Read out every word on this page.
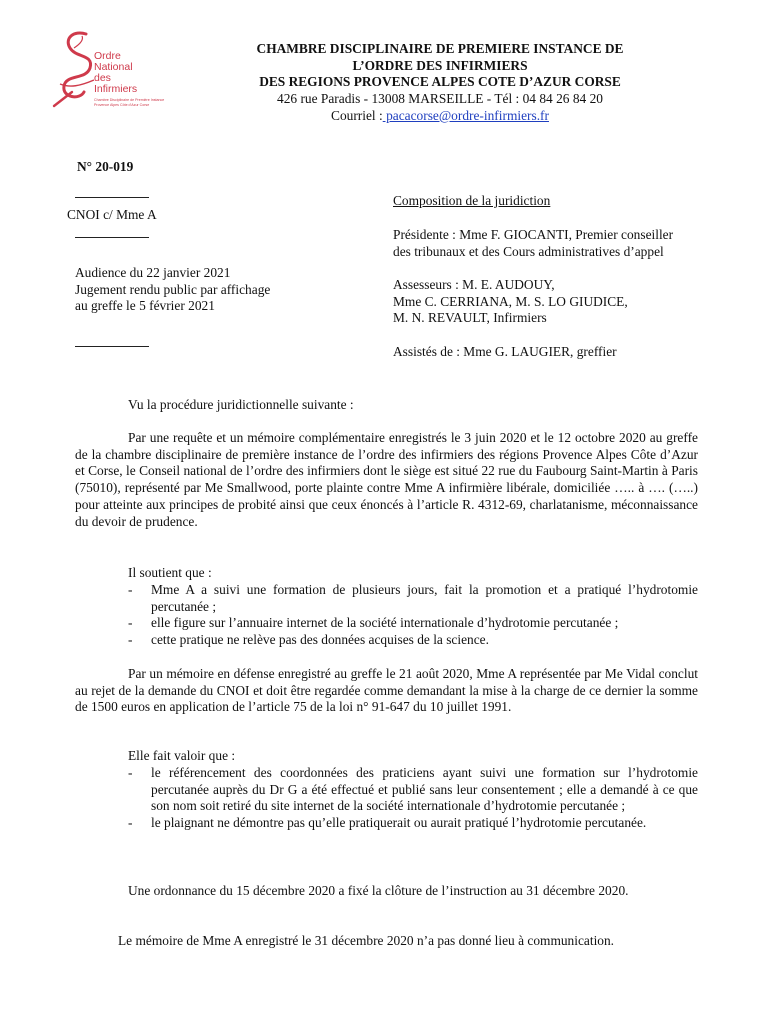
Ordre
National
des
Infirmiers
Chambre Disciplinaire de Première Instance
Provence Alpes Côte d'Azur Corse
CHAMBRE DISCIPLINAIRE DE PREMIERE INSTANCE DE
L’ORDRE DES INFIRMIERS
DES REGIONS PROVENCE ALPES COTE D’AZUR CORSE
426 rue Paradis - 13008 MARSEILLE - Tél : 04 84 26 84 20
Courriel : pacacorse@ordre-infirmiers.fr
N° 20-019
CNOI c/ Mme A
Audience du 22 janvier 2021
Jugement rendu public par affichage
au greffe le 5 février 2021
Composition de la juridiction
Présidente : Mme F. GIOCANTI, Premier conseiller
des tribunaux et des Cours administratives d’appel
Assesseurs : M. E. AUDOUY,
Mme C. CERRIANA, M. S. LO GIUDICE,
M. N. REVAULT, Infirmiers
Assistés de : Mme G. LAUGIER, greffier
Vu la procédure juridictionnelle suivante :
Par une requête et un mémoire complémentaire enregistrés le 3 juin 2020 et le 12 octobre 2020 au greffe de la chambre disciplinaire de première instance de l’ordre des infirmiers des régions Provence Alpes Côte d’Azur et Corse, le Conseil national de l’ordre des infirmiers dont le siège est situé 22 rue du Faubourg Saint-Martin à Paris (75010), représenté par Me Smallwood, porte plainte contre Mme A infirmière libérale, domiciliée ….. à …. (…..) pour atteinte aux principes de probité ainsi que ceux énoncés à l’article R. 4312-69, charlatanisme, méconnaissance du devoir de prudence.
Il soutient que :
- Mme A a suivi une formation de plusieurs jours, fait la promotion et a pratiqué l’hydrotomie percutanée ;
- elle figure sur l’annuaire internet de la société internationale d’hydrotomie percutanée ;
- cette pratique ne relève pas des données acquises de la science.
Par un mémoire en défense enregistré au greffe le 21 août 2020, Mme A représentée par Me Vidal conclut au rejet de la demande du CNOI et doit être regardée comme demandant la mise à la charge de ce dernier la somme de 1500 euros en application de l’article 75 de la loi n° 91-647 du 10 juillet 1991.
Elle fait valoir que :
- le référencement des coordonnées des praticiens ayant suivi une formation sur l’hydrotomie percutanée auprès du Dr G a été effectué et publié sans leur consentement ; elle a demandé à ce que son nom soit retiré du site internet de la société internationale d’hydrotomie percutanée ;
- le plaignant ne démontre pas qu’elle pratiquerait ou aurait pratiqué l’hydrotomie percutanée.
Une ordonnance du 15 décembre 2020 a fixé la clôture de l’instruction au 31 décembre 2020.
Le mémoire de Mme A enregistré le 31 décembre 2020 n’a pas donné lieu à communication.
